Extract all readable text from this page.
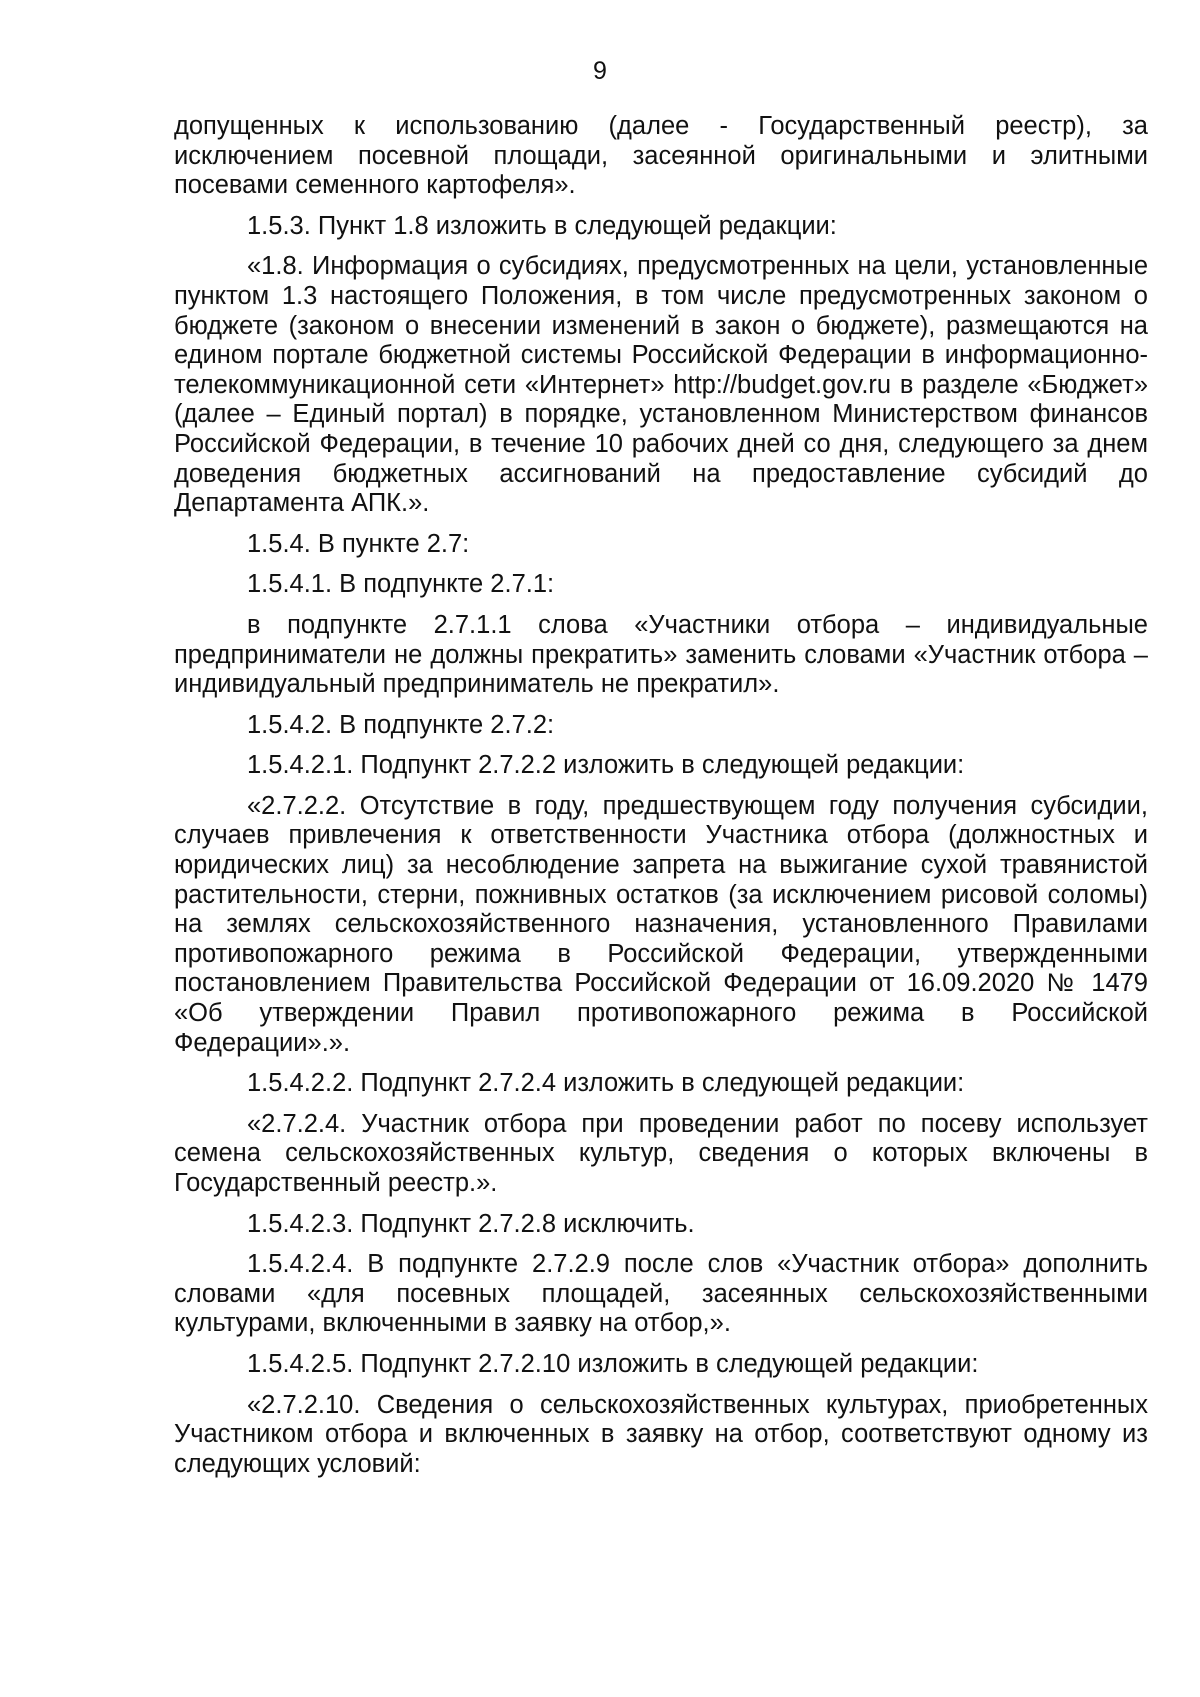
9

допущенных к использованию (далее - Государственный реестр), за исключением посевной площади, засеянной оригинальными и элитными посевами семенного картофеля».

1.5.3. Пункт 1.8 изложить в следующей редакции:

«1.8. Информация о субсидиях, предусмотренных на цели, установленные пунктом 1.3 настоящего Положения, в том числе предусмотренных законом о бюджете (законом о внесении изменений в закон о бюджете), размещаются на едином портале бюджетной системы Российской Федерации в информационно-телекоммуникационной сети «Интернет» http://budget.gov.ru в разделе «Бюджет» (далее – Единый портал) в порядке, установленном Министерством финансов Российской Федерации, в течение 10 рабочих дней со дня, следующего за днем доведения бюджетных ассигнований на предоставление субсидий до Департамента АПК.».

1.5.4. В пункте 2.7:

1.5.4.1. В подпункте 2.7.1:

в подпункте 2.7.1.1 слова «Участники отбора – индивидуальные предприниматели не должны прекратить» заменить словами «Участник отбора – индивидуальный предприниматель не прекратил».

1.5.4.2. В подпункте 2.7.2:

1.5.4.2.1. Подпункт 2.7.2.2 изложить в следующей редакции:

«2.7.2.2. Отсутствие в году, предшествующем году получения субсидии, случаев привлечения к ответственности Участника отбора (должностных и юридических лиц) за несоблюдение запрета на выжигание сухой травянистой растительности, стерни, пожнивных остатков (за исключением рисовой соломы) на землях сельскохозяйственного назначения, установленного Правилами противопожарного режима в Российской Федерации, утвержденными постановлением Правительства Российской Федерации от 16.09.2020 № 1479 «Об утверждении Правил противопожарного режима в Российской Федерации».».

1.5.4.2.2. Подпункт 2.7.2.4 изложить в следующей редакции:

«2.7.2.4. Участник отбора при проведении работ по посеву использует семена сельскохозяйственных культур, сведения о которых включены в Государственный реестр.».

1.5.4.2.3. Подпункт 2.7.2.8 исключить.

1.5.4.2.4. В подпункте 2.7.2.9 после слов «Участник отбора» дополнить словами «для посевных площадей, засеянных сельскохозяйственными культурами, включенными в заявку на отбор,».

1.5.4.2.5. Подпункт 2.7.2.10 изложить в следующей редакции:

«2.7.2.10. Сведения о сельскохозяйственных культурах, приобретенных Участником отбора и включенных в заявку на отбор, соответствуют одному из следующих условий:
